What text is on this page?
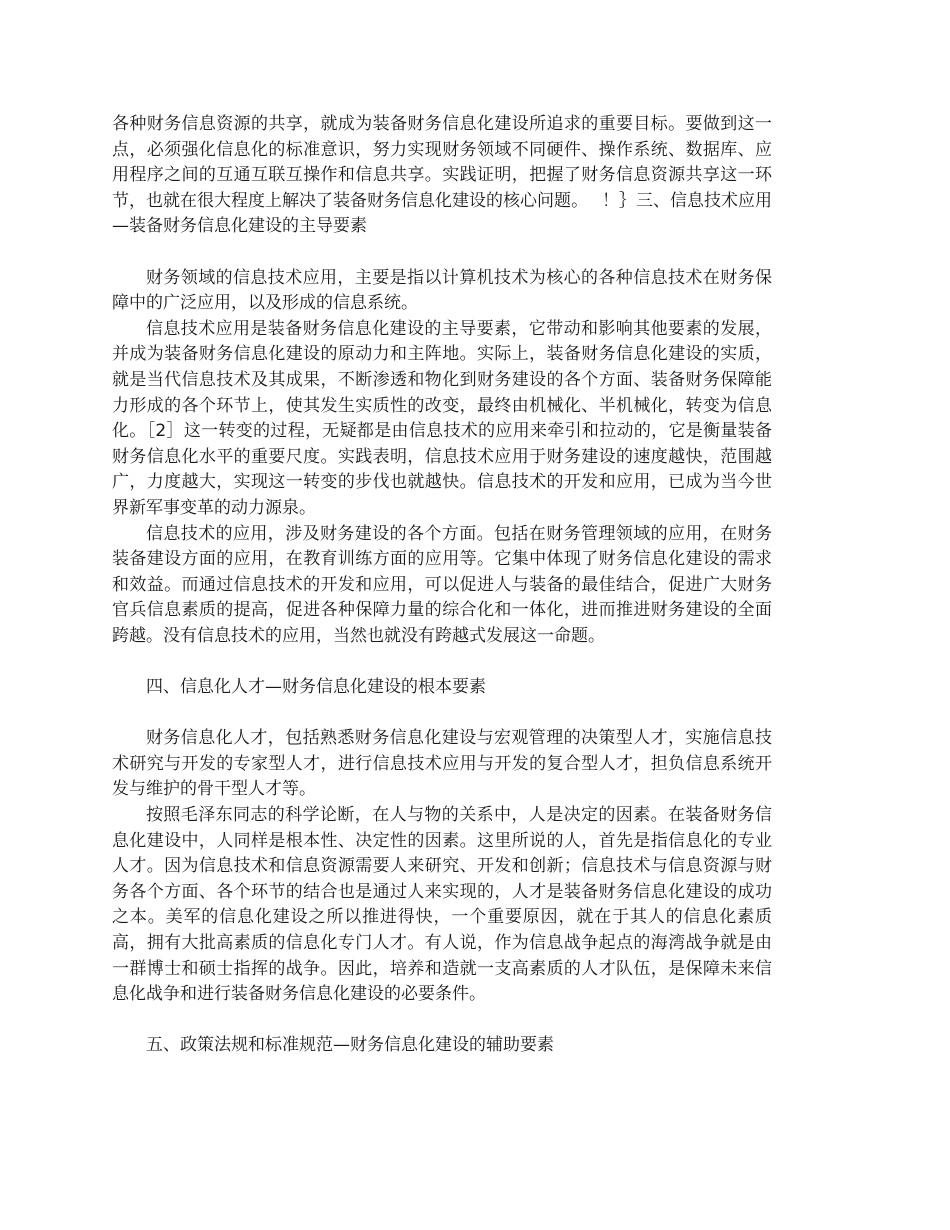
各种财务信息资源的共享，就成为装备财务信息化建设所追求的重要目标。要做到这一点，必须强化信息化的标准意识，努力实现财务领域不同硬件、操作系统、数据库、应用程序之间的互通互联互操作和信息共享。实践证明，把握了财务信息资源共享这一环节，也就在很大程度上解决了装备财务信息化建设的核心问题。　 ！｝三、信息技术应用—装备财务信息化建设的主导要素

财务领域的信息技术应用，主要是指以计算机技术为核心的各种信息技术在财务保障中的广泛应用，以及形成的信息系统。

信息技术应用是装备财务信息化建设的主导要素，它带动和影响其他要素的发展，并成为装备财务信息化建设的原动力和主阵地。实际上，装备财务信息化建设的实质，就是当代信息技术及其成果，不断渗透和物化到财务建设的各个方面、装备财务保障能力形成的各个环节上，使其发生实质性的改变，最终由机械化、半机械化，转变为信息化。［2］这一转变的过程，无疑都是由信息技术的应用来牵引和拉动的，它是衡量装备财务信息化水平的重要尺度。实践表明，信息技术应用于财务建设的速度越快，范围越广，力度越大，实现这一转变的步伐也就越快。信息技术的开发和应用，已成为当今世界新军事变革的动力源泉。

信息技术的应用，涉及财务建设的各个方面。包括在财务管理领域的应用，在财务装备建设方面的应用，在教育训练方面的应用等。它集中体现了财务信息化建设的需求和效益。而通过信息技术的开发和应用，可以促进人与装备的最佳结合，促进广大财务官兵信息素质的提高，促进各种保障力量的综合化和一体化，进而推进财务建设的全面跨越。没有信息技术的应用，当然也就没有跨越式发展这一命题。

四、信息化人才—财务信息化建设的根本要素

财务信息化人才，包括熟悉财务信息化建设与宏观管理的决策型人才，实施信息技术研究与开发的专家型人才，进行信息技术应用与开发的复合型人才，担负信息系统开发与维护的骨干型人才等。

按照毛泽东同志的科学论断，在人与物的关系中，人是决定的因素。在装备财务信息化建设中，人同样是根本性、决定性的因素。这里所说的人，首先是指信息化的专业人才。因为信息技术和信息资源需要人来研究、开发和创新；信息技术与信息资源与财务各个方面、各个环节的结合也是通过人来实现的，人才是装备财务信息化建设的成功之本。美军的信息化建设之所以推进得快，一个重要原因，就在于其人的信息化素质高，拥有大批高素质的信息化专门人才。有人说，作为信息战争起点的海湾战争就是由一群博士和硕士指挥的战争。因此，培养和造就一支高素质的人才队伍，是保障未来信息化战争和进行装备财务信息化建设的必要条件。

五、政策法规和标准规范—财务信息化建设的辅助要素
